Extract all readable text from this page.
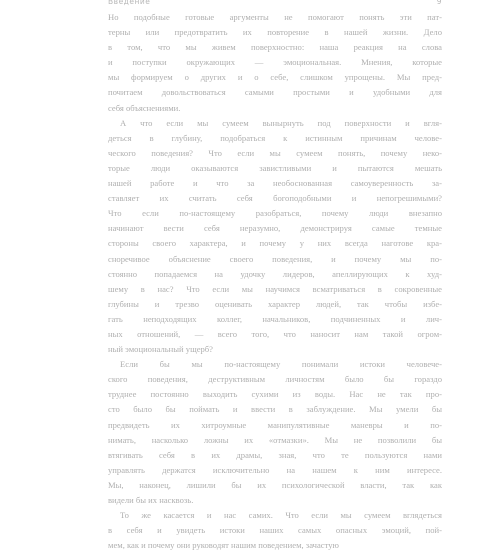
Введение	9

Но подобные готовые аргументы не помогают понять эти пат-
терны или предотвратить их повторение в нашей жизни. Дело
в том, что мы живем поверхностно: наша реакция на слова
и поступки окружающих — эмоциональная. Мнения, которые
мы формируем о других и о себе, слишком упрощены. Мы пред-
почитаем довольствоваться самыми простыми и удобными для
себя объяснениями.

А что если мы сумеем вынырнуть под поверхности и вгля-
деться в глубину, подобраться к истинным причинам челове-
ческого поведения? Что если мы сумеем понять, почему неко-
торые люди оказываются завистливыми и пытаются мешать
нашей работе и что за необоснованная самоуверенность за-
ставляет их считать себя богоподобными и непогрешимыми?
Что если по-настоящему разобраться, почему люди внезапно
начинают вести себя неразумно, демонстрируя самые темные
стороны своего характера, и почему у них всегда наготове кра-
сноречивое объяснение своего поведения, и почему мы по-
стоянно попадаемся на удочку лидеров, апеллирующих к худ-
шему в нас? Что если мы научимся всматриваться в сокровенные
глубины и трезво оценивать характер людей, так чтобы избе-
гать неподходящих коллег, начальников, подчиненных и лич-
ных отношений, — всего того, что наносит нам такой огром-
ный эмоциональный ущерб?

Если бы мы по-настоящему понимали истоки человече-
ского поведения, деструктивным личностям было бы гораздо
труднее постоянно выходить сухими из воды. Нас не так про-
сто было бы поймать и ввести в заблуждение. Мы умели бы
предвидеть их хитроумные манипулятивные маневры и по-
нимать, насколько ложны их «отмазки». Мы не позволили бы
втягивать себя в их драмы, зная, что те пользуются нами
управлять держатся исключительно на нашем к ним интересе.
Мы, наконец, лишили бы их психологической власти, так как
видели бы их насквозь.

То же касается и нас самих. Что если мы сумеем вглядеться
в себя и увидеть истоки наших самых опасных эмоций, пой-
мем, как и почему они руководят нашим поведением, зачастую
